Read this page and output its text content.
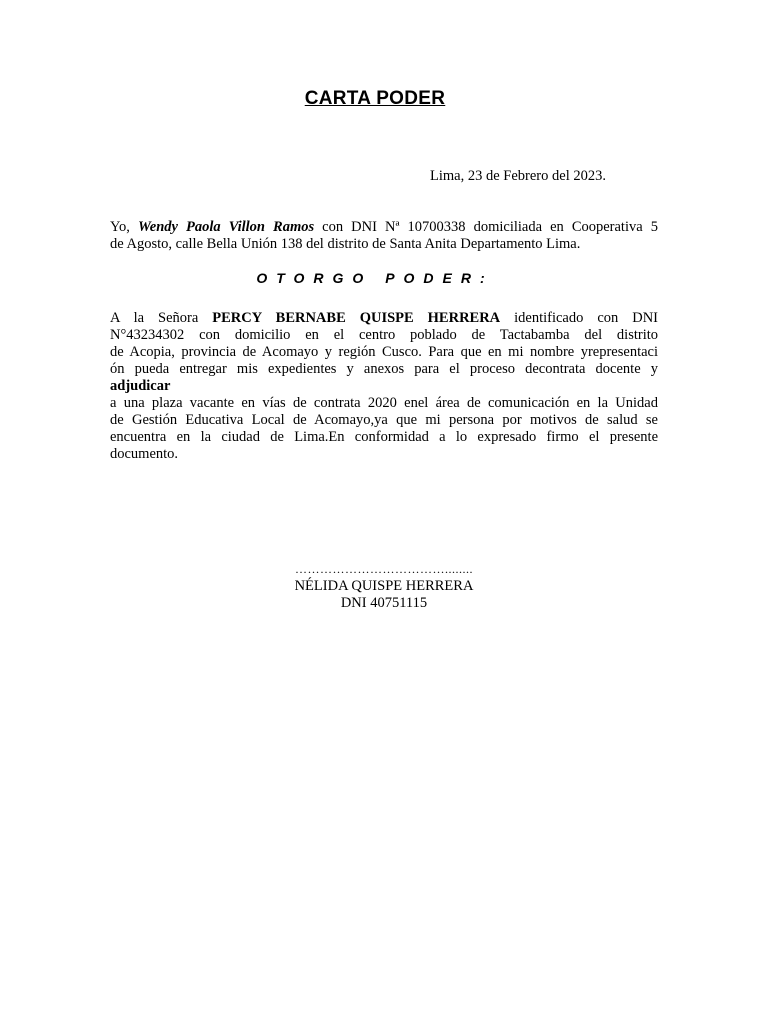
CARTA PODER
Lima, 23 de Febrero del 2023.
Yo, Wendy Paola Villon Ramos con DNI Nª 10700338 domiciliada en Cooperativa 5
de Agosto, calle Bella Unión 138 del distrito de Santa Anita Departamento Lima.
OTORGO PODER:
A la Señora PERCY BERNABE QUISPE HERRERA identificado con DNI
N°43234302 con domicilio en el centro poblado de Tactabamba del distrito
de Acopia, provincia de Acomayo y región Cusco. Para que en mi nombre yrepresentaci
ón pueda entregar mis expedientes y anexos para el proceso decontrata docente y
adjudicar
a una plaza vacante en vías de contrata 2020 enel área de comunicación en la Unidad
de Gestión Educativa Local de Acomayo,ya que mi persona por motivos de salud se
encuentra en la ciudad de Lima.En conformidad a lo expresado firmo el presente
documento.
………………………………........
NÉLIDA QUISPE HERRERA
DNI 40751115
